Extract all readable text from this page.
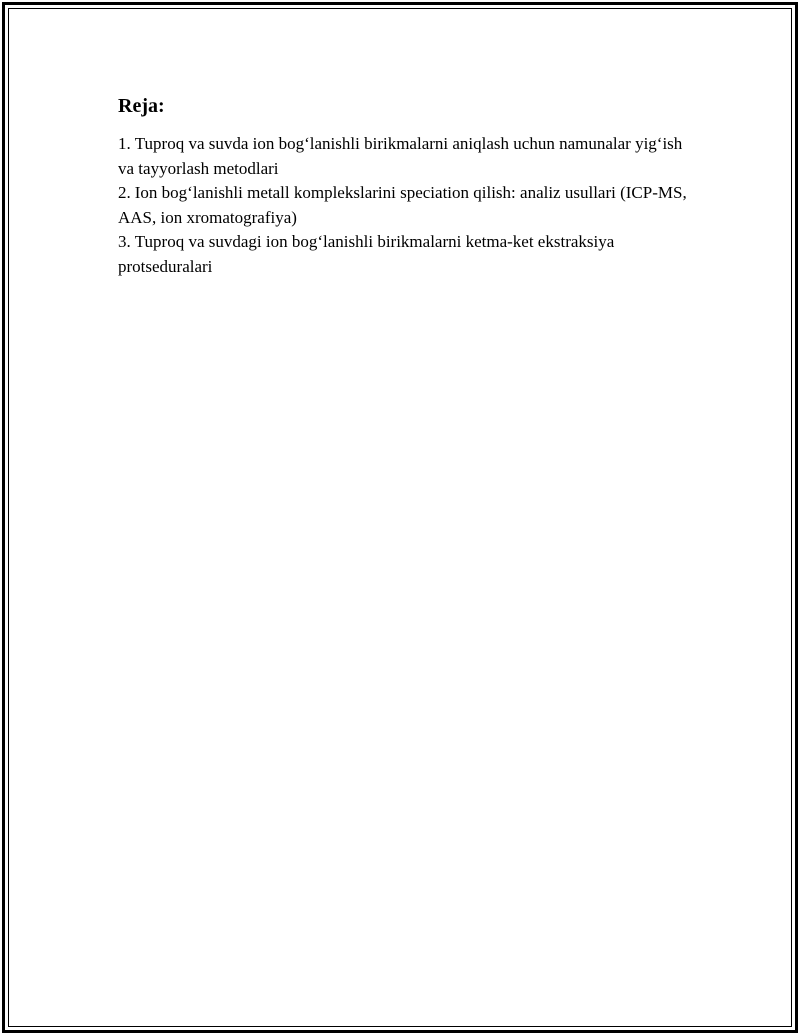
Reja:
1. Tuproq va suvda ion bog‘lanishli birikmalarni aniqlash uchun namunalar yig‘ish va tayyorlash metodlari
2. Ion bog‘lanishli metall komplekslarini speciation qilish: analiz usullari (ICP-MS, AAS, ion xromatografiya)
3. Tuproq va suvdagi ion bog‘lanishli birikmalarni ketma-ket ekstraksiya protseduralari
